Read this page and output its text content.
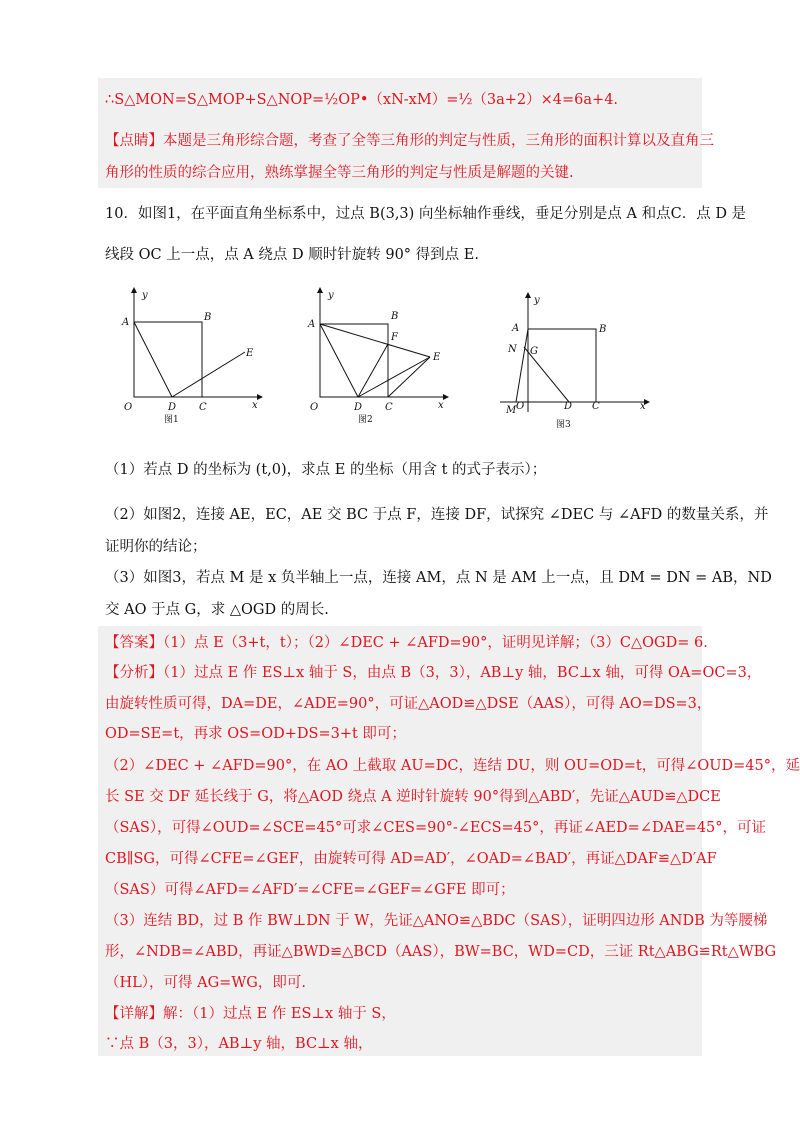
∴S△MON=S△MOP+S△NOP=½OP•（xN-xM）=½（3a+2）×4=6a+4.
【点睛】本题是三角形综合题，考查了全等三角形的判定与性质，三角形的面积计算以及直角三
角形的性质的综合应用，熟练掌握全等三角形的判定与性质是解题的关键.
10．如图1，在平面直角坐标系中，过点 B(3,3) 向坐标轴作垂线，垂足分别是点 A 和点C．点 D 是
线段 OC 上一点，点 A 绕点 D 顺时针旋转 90° 得到点 E.
y
A	B
E
O	D C	x
图1
y
A
B
F
E
O	D C	x
图2
y
A	B
N G
M O	D C	x
图3
（1）若点 D 的坐标为 (t,0)，求点 E 的坐标（用含 t 的式子表示）；
（2）如图2，连接 AE，EC，AE 交 BC 于点 F，连接 DF，试探究 ∠DEC 与 ∠AFD 的数量关系，并
证明你的结论；
（3）如图3，若点 M 是 x 负半轴上一点，连接 AM，点 N 是 AM 上一点，且 DM = DN = AB，ND
交 AO 于点 G，求 △OGD 的周长.
【答案】（1）点 E（3+t，t）；（2）∠DEC + ∠AFD=90°，证明见详解；（3）C△OGD= 6．
【分析】（1）过点 E 作 ES⊥x 轴于 S，由点 B（3，3），AB⊥y 轴，BC⊥x 轴，可得 OA=OC=3，
由旋转性质可得，DA=DE，∠ADE=90°，可证△AOD≌△DSE（AAS），可得 AO=DS=3，
OD=SE=t，再求 OS=OD+DS=3+t 即可；
（2）∠DEC + ∠AFD=90°，在 AO 上截取 AU=DC，连结 DU，则 OU=OD=t，可得∠OUD=45°，延
长 SE 交 DF 延长线于 G，将△AOD 绕点 A 逆时针旋转 90°得到△ABD′，先证△AUD≌△DCE
（SAS），可得∠OUD=∠SCE=45°可求∠CES=90°-∠ECS=45°，再证∠AED=∠DAE=45°，可证
CB∥SG，可得∠CFE=∠GEF，由旋转可得 AD=AD′，∠OAD=∠BAD′，再证△DAF≌△D′AF
（SAS）可得∠AFD=∠AFD′=∠CFE=∠GEF=∠GFE 即可；
（3）连结 BD，过 B 作 BW⊥DN 于 W，先证△ANO≌△BDC（SAS），证明四边形 ANDB 为等腰梯
形，∠NDB=∠ABD，再证△BWD≌△BCD（AAS），BW=BC，WD=CD，三证 Rt△ABG≌Rt△WBG
（HL），可得 AG=WG，即可.
【详解】解：（1）过点 E 作 ES⊥x 轴于 S，
∵点 B（3，3），AB⊥y 轴，BC⊥x 轴，
